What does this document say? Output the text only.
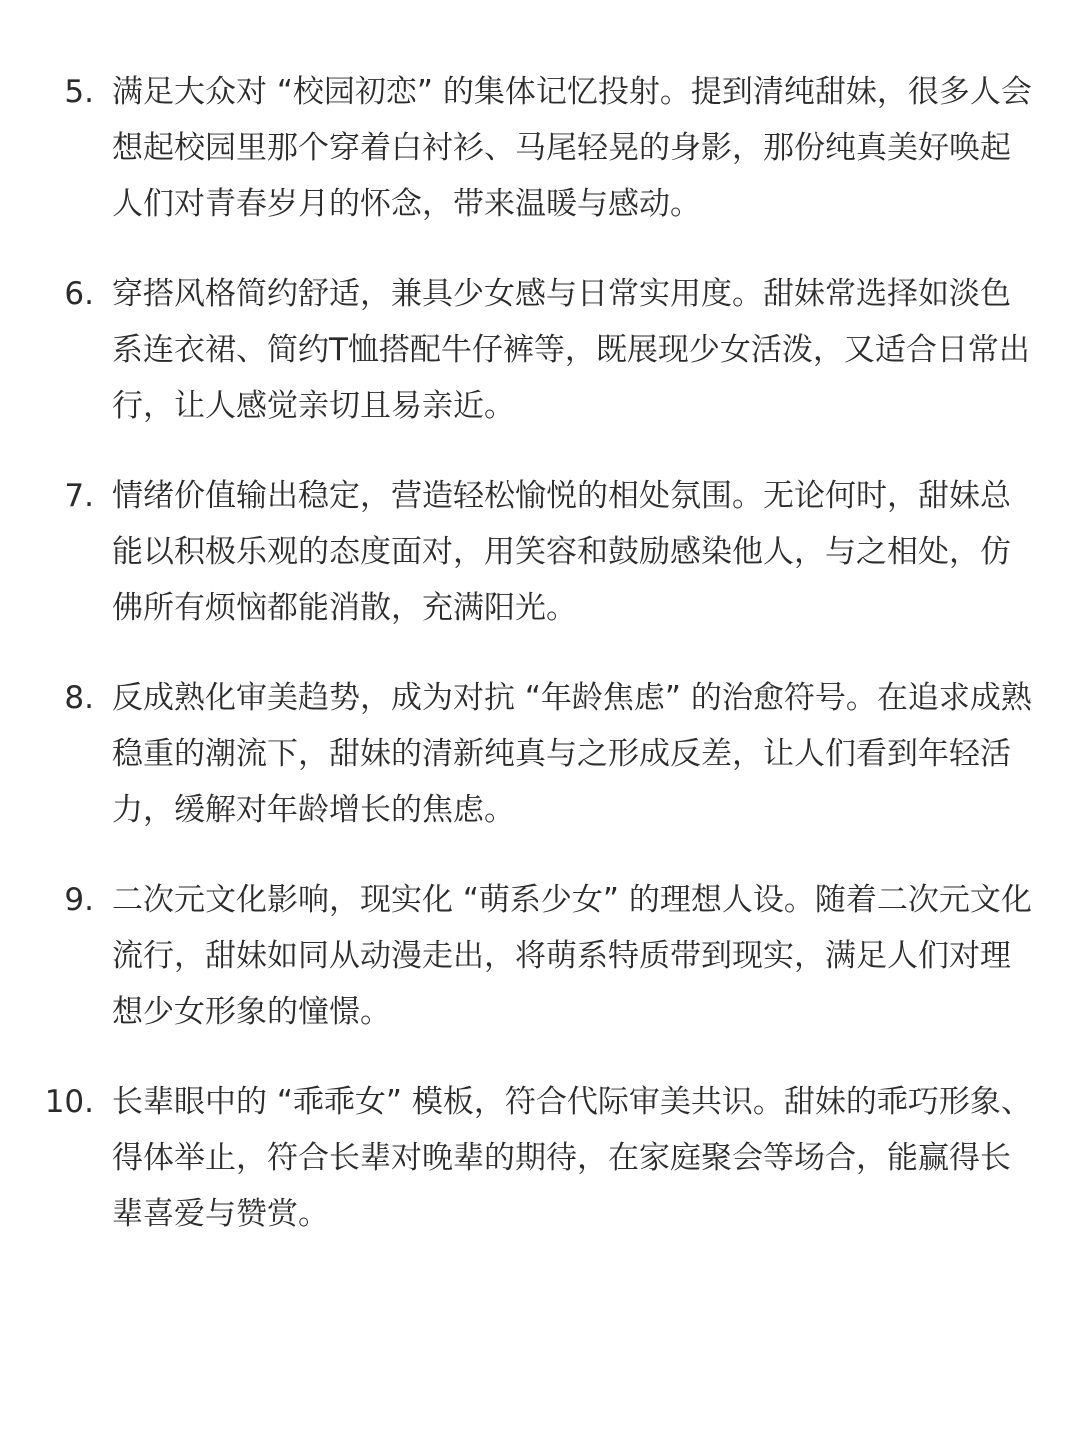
5. 满足大众对 “校园初恋” 的集体记忆投射。提到清纯甜妹，很多人会想起校园里那个穿着白衬衫、马尾轻晃的身影，那份纯真美好唤起人们对青春岁月的怀念，带来温暖与感动。
6. 穿搭风格简约舒适，兼具少女感与日常实用度。甜妹常选择如淡色系连衣裙、简约T恤搭配牛仔裤等，既展现少女活泼，又适合日常出行，让人感觉亲切且易亲近。
7. 情绪价值输出稳定，营造轻松愉悦的相处氛围。无论何时，甜妹总能以积极乐观的态度面对，用笑容和鼓励感染他人，与之相处，仿佛所有烦恼都能消散，充满阳光。
8. 反成熟化审美趋势，成为对抗 “年龄焦虑” 的治愈符号。在追求成熟稳重的潮流下，甜妹的清新纯真与之形成反差，让人们看到年轻活力，缓解对年龄增长的焦虑。
9. 二次元文化影响，现实化 “萌系少女” 的理想人设。随着二次元文化流行，甜妹如同从动漫走出，将萌系特质带到现实，满足人们对理想少女形象的憧憬。
10. 长辈眼中的 “乖乖女” 模板，符合代际审美共识。甜妹的乖巧形象、得体举止，符合长辈对晚辈的期待，在家庭聚会等场合，能赢得长辈喜爱与赞赏。
